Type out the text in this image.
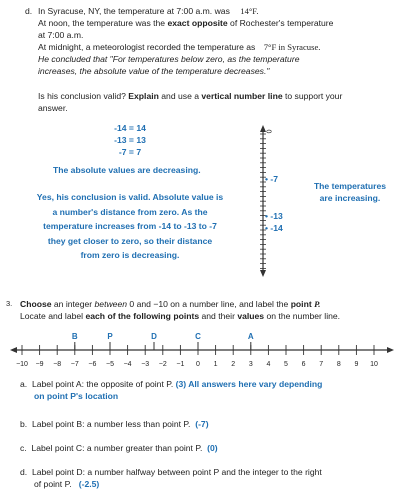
d. In Syracuse, NY, the temperature at 7:00 a.m. was 14°F.
At noon, the temperature was the exact opposite of Rochester's temperature
at 7:00 a.m.
At midnight, a meteorologist recorded the temperature as 7°F in Syracuse.
He concluded that "For temperatures below zero, as the temperature
increases, the absolute value of the temperature decreases."
Is his conclusion valid? Explain and use a vertical number line to support your
answer.
-14 = 14
-13 = 13
-7 = 7
The absolute values are decreasing.
Yes, his conclusion is valid. Absolute value is
a number's distance from zero. As the
temperature increases from -14 to -13 to -7
they get closer to zero, so their distance
from zero is decreasing.
0
• -7
• -13
• -14
The temperatures
are increasing.
3. Choose an integer between 0 and −10 on a number line, and label the point P.
Locate and label each of the following points and their values on the number line.
−10 −9 −8 −7 −6 −5 −4 −3 −2 −1 0 1 2 3 4 5 6 7 8 9 10
B	P	D	C	A
a. Label point A: the opposite of point P. (3) All answers here vary depending
on point P's location
b. Label point B: a number less than point P. (-7)
c. Label point C: a number greater than point P. (0)
d. Label point D: a number halfway between point P and the integer to the right
of point P. (-2.5)
